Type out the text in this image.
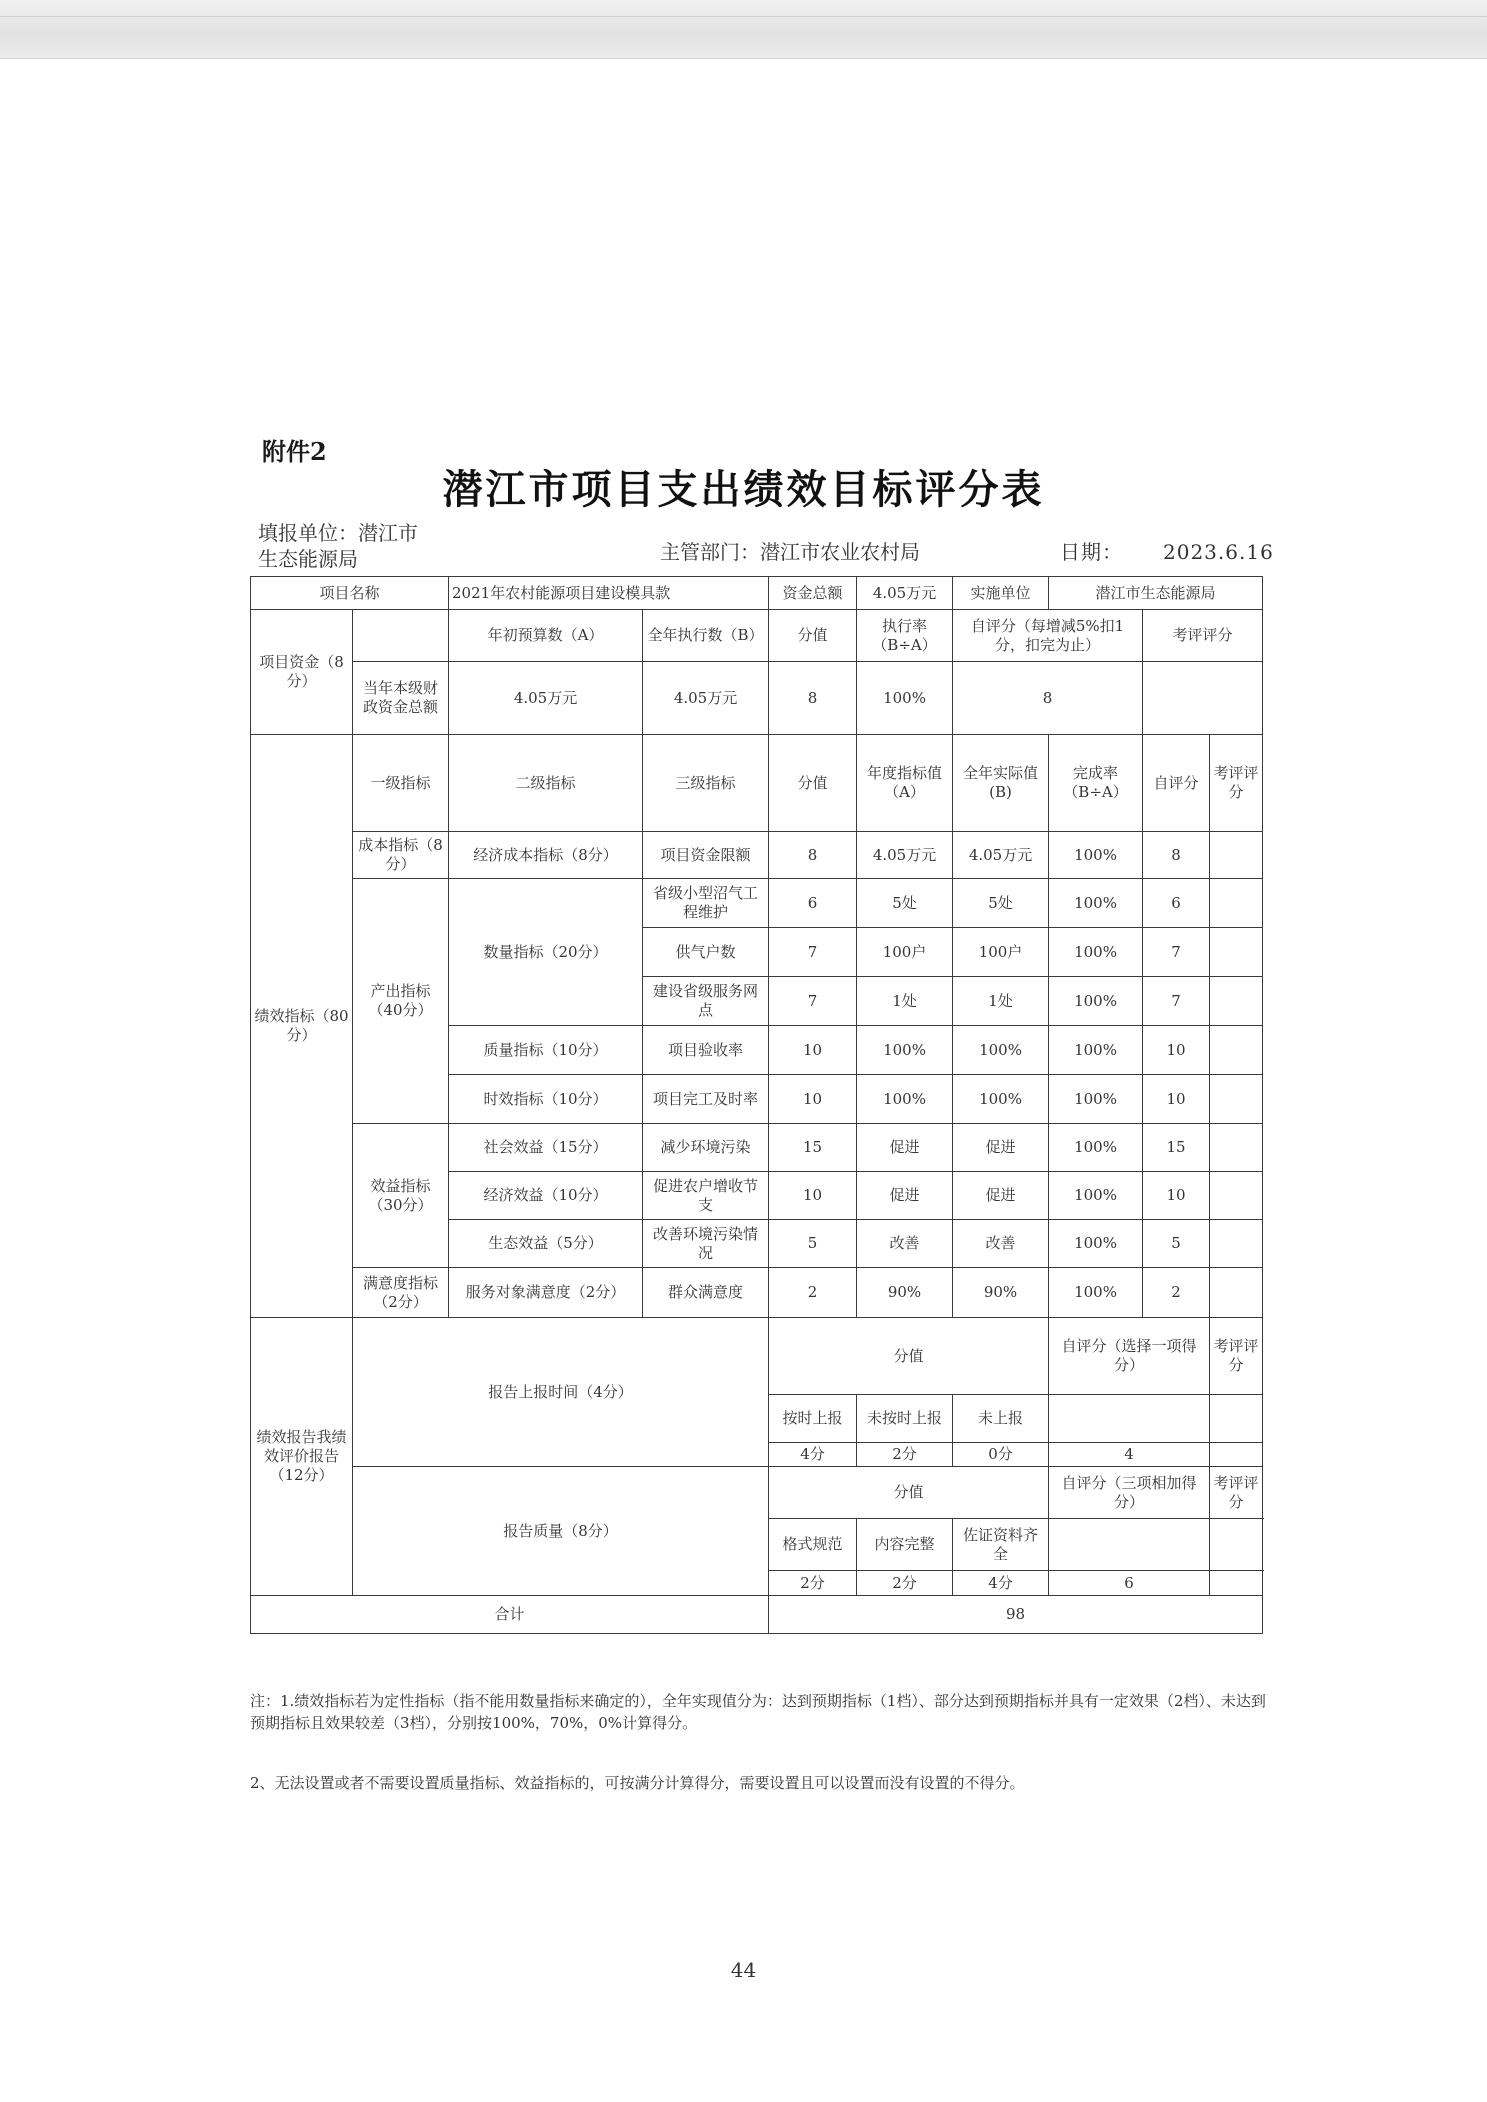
附件2
潜江市项目支出绩效目标评分表
填报单位：潜江市
生态能源局	主管部门：潜江市农业农村局	日期： 2023.6.16
项目名称		2021年农村能源项目建设模具款		资金总额	4.05万元	实施单位	潜江市生态能源局		
项目资金（8分）		年初预算数（A）	全年执行数（B）	分值	执行率（B÷A）	自评分（每增减5%扣1分，扣完为止）		考评评分	
	当年本级财政资金总额	4.05万元	4.05万元	8	100%	8			
绩效指标（80分）	一级指标	二级指标	三级指标	分值	年度指标值（A）	全年实际值(B)	完成率（B÷A）	自评分	考评评分
	成本指标（8分）	经济成本指标（8分）	项目资金限额	8	4.05万元	4.05万元	100%	8	
	产出指标（40分）	数量指标（20分）	省级小型沼气工程维护	6	5处	5处	100%	6	
			供气户数	7	100户	100户	100%	7	
			建设省级服务网点	7	1处	1处	100%	7	
		质量指标（10分）	项目验收率	10	100%	100%	100%	10	
		时效指标（10分）	项目完工及时率	10	100%	100%	100%	10	
	效益指标（30分）	社会效益（15分）	减少环境污染	15	促进	促进	100%	15	
		经济效益（10分）	促进农户增收节支	10	促进	促进	100%	10	
		生态效益（5分）	改善环境污染情况	5	改善	改善	100%	5	
	满意度指标（2分）	服务对象满意度（2分）	群众满意度	2	90%	90%	100%	2	
绩效报告我绩效评价报告（12分）	报告上报时间（4分）			分值			自评分（选择一项得分）		考评评分
				按时上报	未按时上报	未上报			
				4分	2分	0分	4		
	报告质量（8分）			分值			自评分（三项相加得分）		考评评分
				格式规范	内容完整	佐证资料齐全			
				2分	2分	4分	6		
合计				98					
注：1.绩效指标若为定性指标（指不能用数量指标来确定的），全年实现值分为：达到预期指标（1档）、部分达到预期指标并具有一定效果（2档）、未达到预期指标且效果较差（3档），分别按100%，70%，0%计算得分。
2、无法设置或者不需要设置质量指标、效益指标的，可按满分计算得分，需要设置且可以设置而没有设置的不得分。
44
